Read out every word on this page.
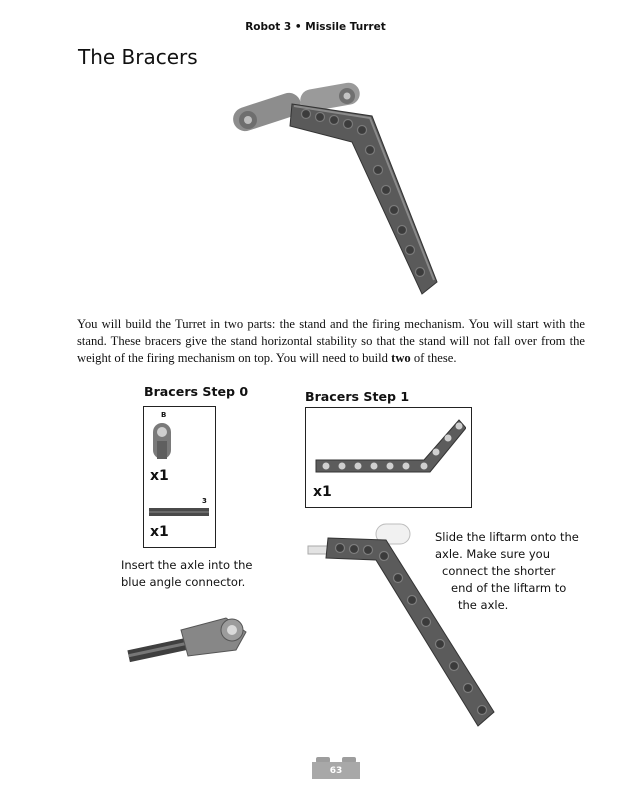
Robot 3 • Missile Turret
The Bracers
You will build the Turret in two parts: the stand and the firing mechanism. You will start with the stand. These bracers give the stand horizontal stability so that the stand will not fall over from the weight of the firing mechanism on top. You will need to build two of these.
Bracers Step 0
B
x1
3
x1
Insert the axle into the
blue angle connector.
Bracers Step 1
x1
Slide the liftarm onto the
axle. Make sure you
connect the shorter
end of the liftarm to
the axle.
63
